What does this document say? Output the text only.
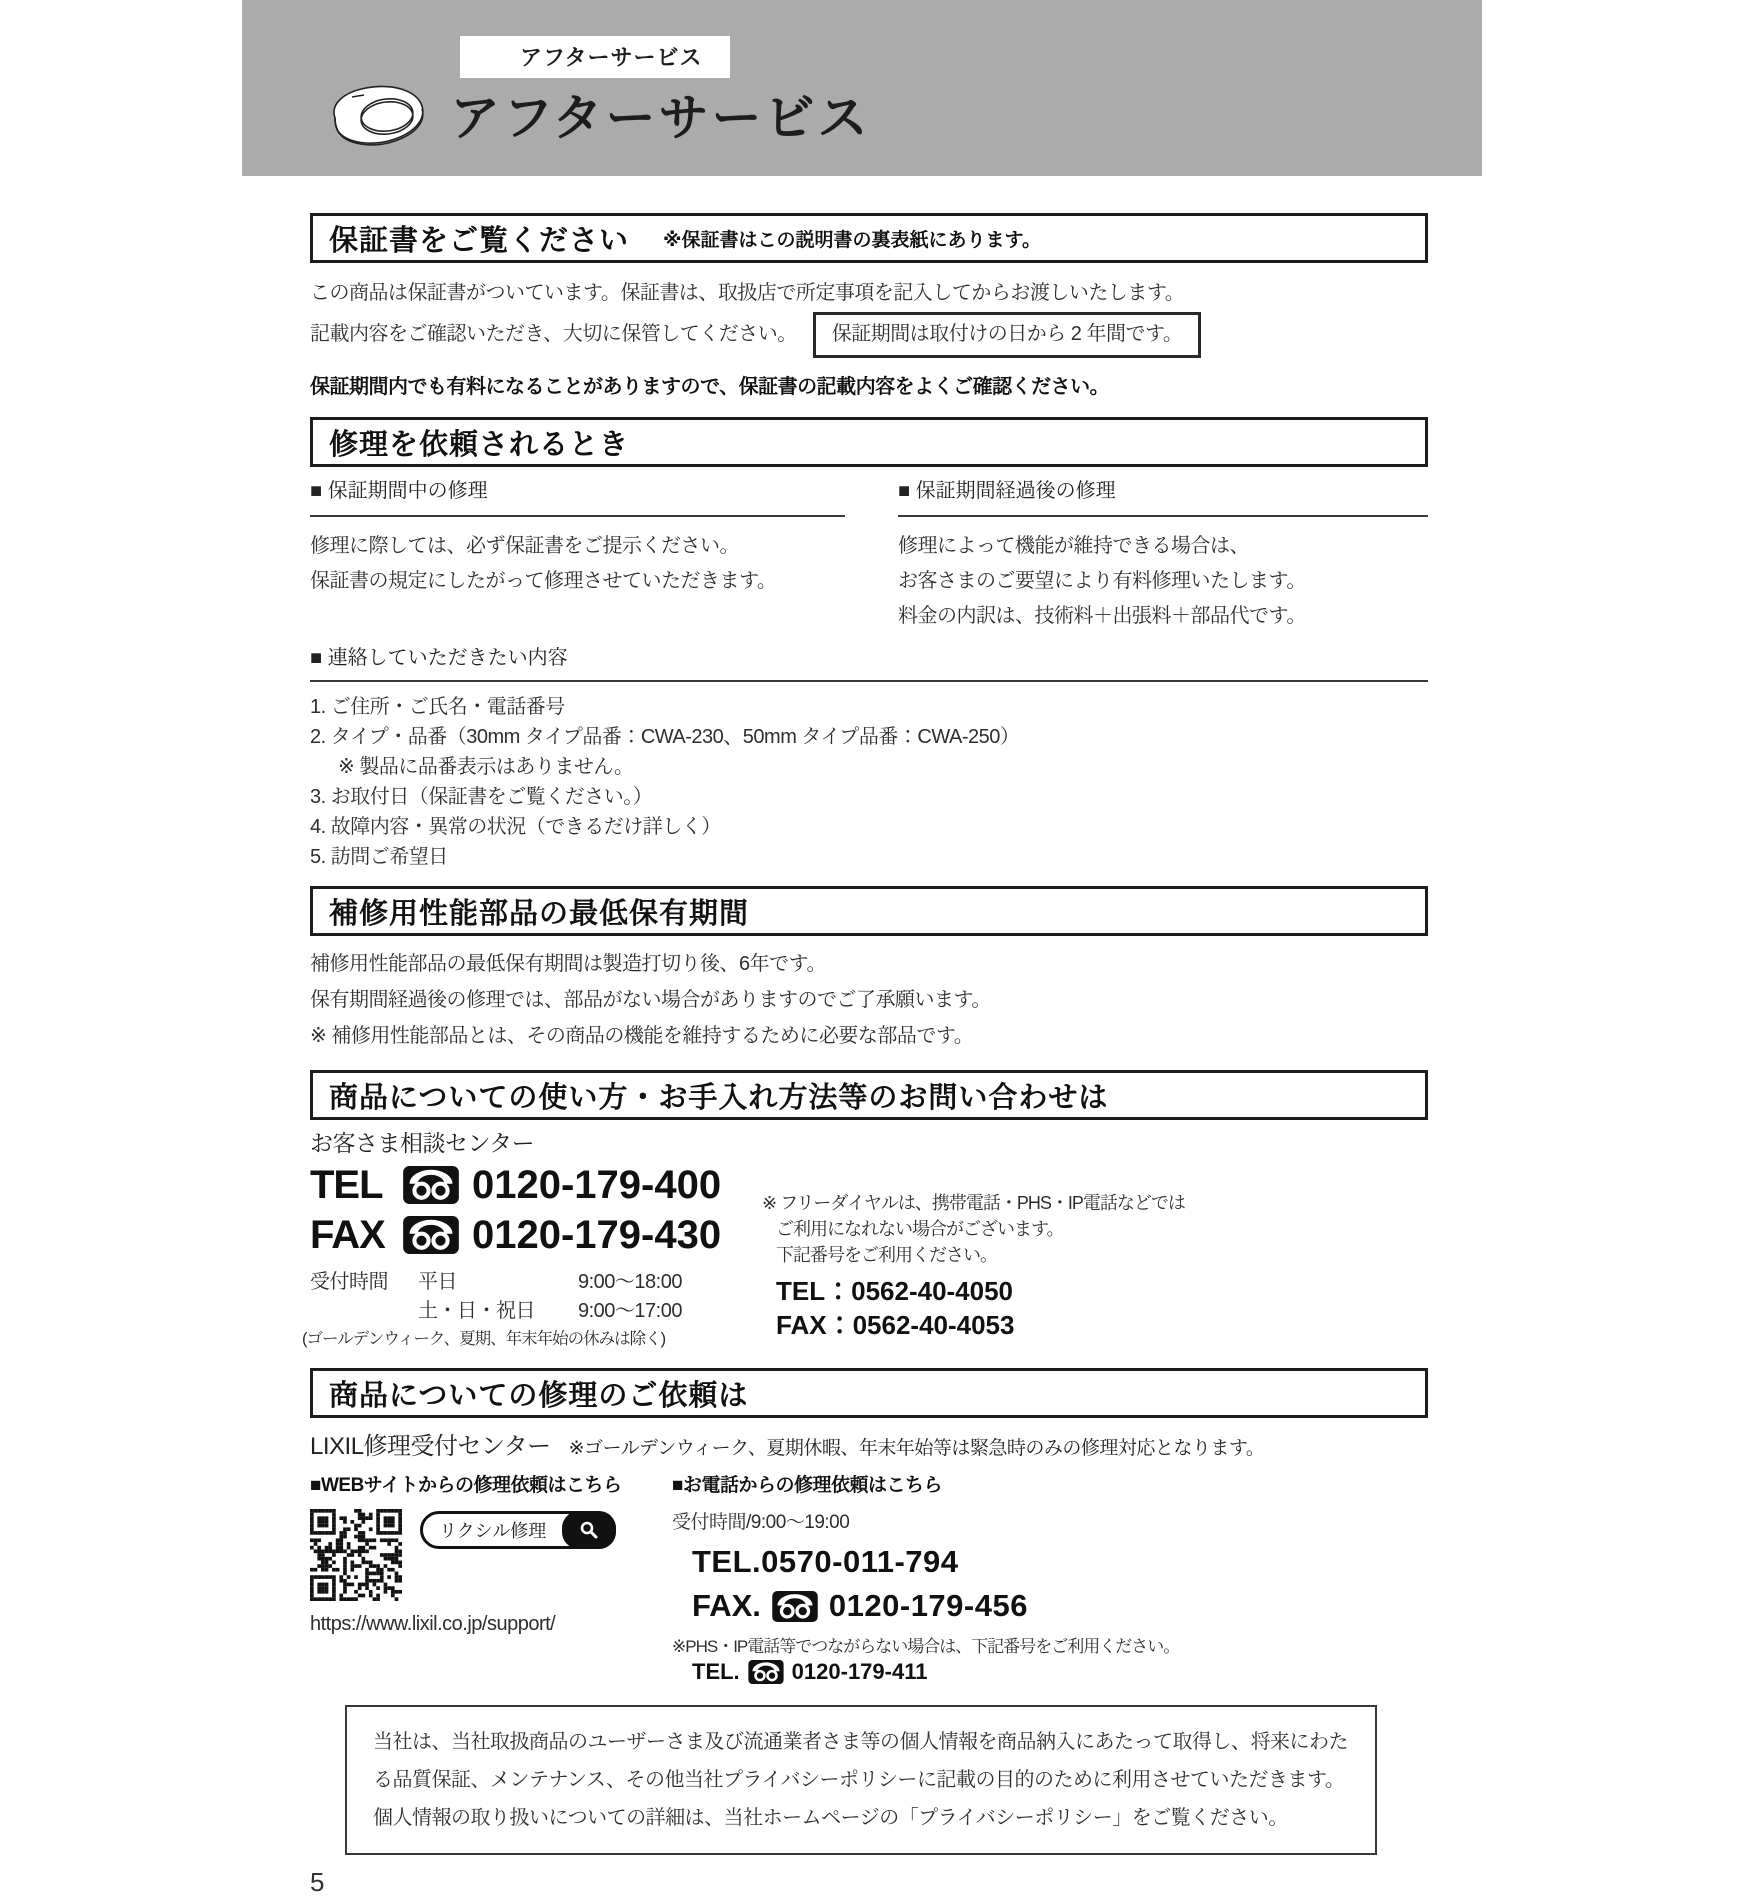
アフターサービス
アフターサービス
保証書をご覧ください ※保証書はこの説明書の裏表紙にあります。
この商品は保証書がついています。保証書は、取扱店で所定事項を記入してからお渡しいたします。
記載内容をご確認いただき、大切に保管してください。 保証期間は取付けの日から 2 年間です。
保証期間内でも有料になることがありますので、保証書の記載内容をよくご確認ください。
修理を依頼されるとき
■ 保証期間中の修理
修理に際しては、必ず保証書をご提示ください。
保証書の規定にしたがって修理させていただきます。
■ 保証期間経過後の修理
修理によって機能が維持できる場合は、
お客さまのご要望により有料修理いたします。
料金の内訳は、技術料＋出張料＋部品代です。
■ 連絡していただきたい内容
1. ご住所・ご氏名・電話番号
2. タイプ・品番（30mm タイプ品番：CWA-230、50mm タイプ品番：CWA-250）
※ 製品に品番表示はありません。
3. お取付日（保証書をご覧ください。）
4. 故障内容・異常の状況（できるだけ詳しく）
5. 訪問ご希望日
補修用性能部品の最低保有期間
補修用性能部品の最低保有期間は製造打切り後、6年です。
保有期間経過後の修理では、部品がない場合がありますのでご了承願います。
※ 補修用性能部品とは、その商品の機能を維持するために必要な部品です。
商品についての使い方・お手入れ方法等のお問い合わせは
お客さま相談センター
TEL	0120-179-400
FAX	0120-179-430
受付時間 平日	9:00～18:00
土・日・祝日 9:00～17:00
(ゴールデンウィーク、夏期、年末年始の休みは除く)
※ フリーダイヤルは、携帯電話・PHS・IP電話などでは
ご利用になれない場合がございます。
下記番号をご利用ください。
TEL：0562-40-4050
FAX：0562-40-4053
商品についての修理のご依頼は
LIXIL修理受付センター ※ゴールデンウィーク、夏期休暇、年末年始等は緊急時のみの修理対応となります。
■WEBサイトからの修理依頼はこちら
リクシル修理
https://www.lixil.co.jp/support/
■お電話からの修理依頼はこちら
受付時間/9:00～19:00
TEL.0570-011-794
FAX. 0120-179-456
※PHS・IP電話等でつながらない場合は、下記番号をご利用ください。
TEL. 0120-179-411
当社は、当社取扱商品のユーザーさま及び流通業者さま等の個人情報を商品納入にあたって取得し、将来にわた
る品質保証、メンテナンス、その他当社プライバシーポリシーに記載の目的のために利用させていただきます。
個人情報の取り扱いについての詳細は、当社ホームページの「プライバシーポリシー」をご覧ください。
5
